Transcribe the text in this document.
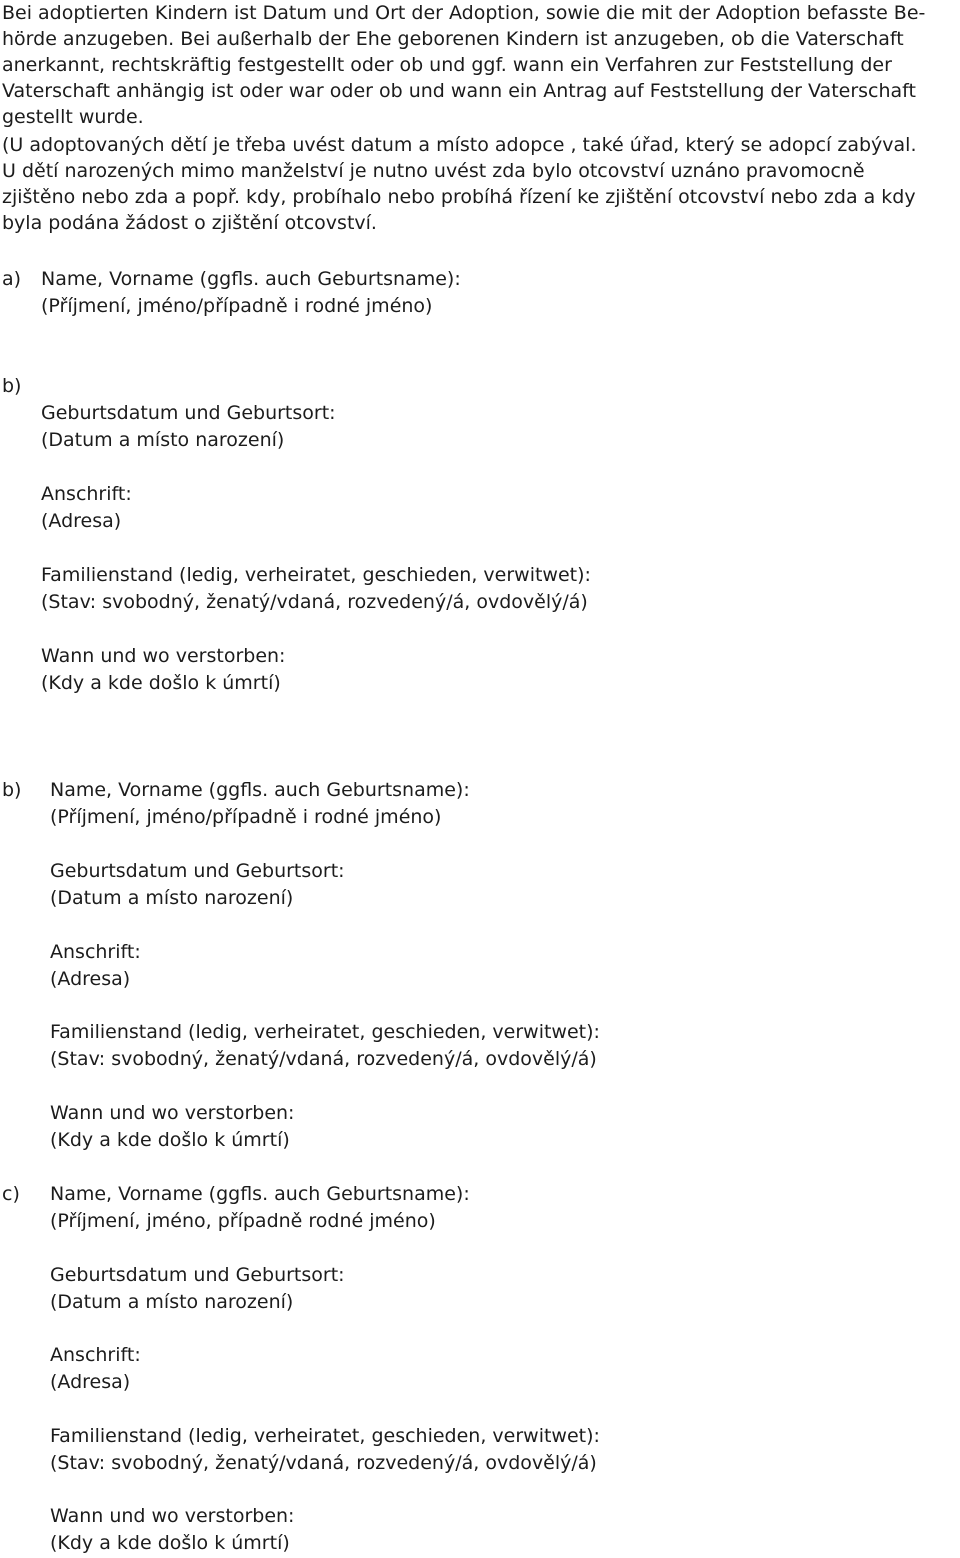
Bei adoptierten Kindern ist Datum und Ort der Adoption, sowie die mit der Adoption befasste Be-
hörde anzugeben. Bei außerhalb der Ehe geborenen Kindern ist anzugeben, ob die Vaterschaft
anerkannt, rechtskräftig festgestellt oder ob und ggf. wann ein Verfahren zur Feststellung der
Vaterschaft anhängig ist oder war oder ob und wann ein Antrag auf Feststellung der Vaterschaft
gestellt wurde.
(U adoptovaných dětí je třeba uvést datum a místo adopce , také úřad, který se adopcí zabýval.
U dětí narozených mimo manželství je nutno uvést zda bylo otcovství uznáno pravomocně
zjištěno nebo zda a popř. kdy, probíhalo nebo probíhá řízení ke zjištění otcovství nebo zda a kdy
byla podána žádost o zjištění otcovství.
a) Name, Vorname (ggfls. auch Geburtsname):
(Příjmení, jméno/případně i rodné jméno)
b)
Geburtsdatum und Geburtsort:
(Datum a místo narození)
Anschrift:
(Adresa)
Familienstand (ledig, verheiratet, geschieden, verwitwet):
(Stav: svobodný, ženatý/vdaná, rozvedený/á, ovdovělý/á)
Wann und wo verstorben:
(Kdy a kde došlo k úmrtí)
b) Name, Vorname (ggfls. auch Geburtsname):
(Příjmení, jméno/případně i rodné jméno)
Geburtsdatum und Geburtsort:
(Datum a místo narození)
Anschrift:
(Adresa)
Familienstand (ledig, verheiratet, geschieden, verwitwet):
(Stav: svobodný, ženatý/vdaná, rozvedený/á, ovdovělý/á)
Wann und wo verstorben:
(Kdy a kde došlo k úmrtí)
c) Name, Vorname (ggfls. auch Geburtsname):
(Příjmení, jméno, případně rodné jméno)
Geburtsdatum und Geburtsort:
(Datum a místo narození)
Anschrift:
(Adresa)
Familienstand (ledig, verheiratet, geschieden, verwitwet):
(Stav: svobodný, ženatý/vdaná, rozvedený/á, ovdovělý/á)
Wann und wo verstorben:
(Kdy a kde došlo k úmrtí)
